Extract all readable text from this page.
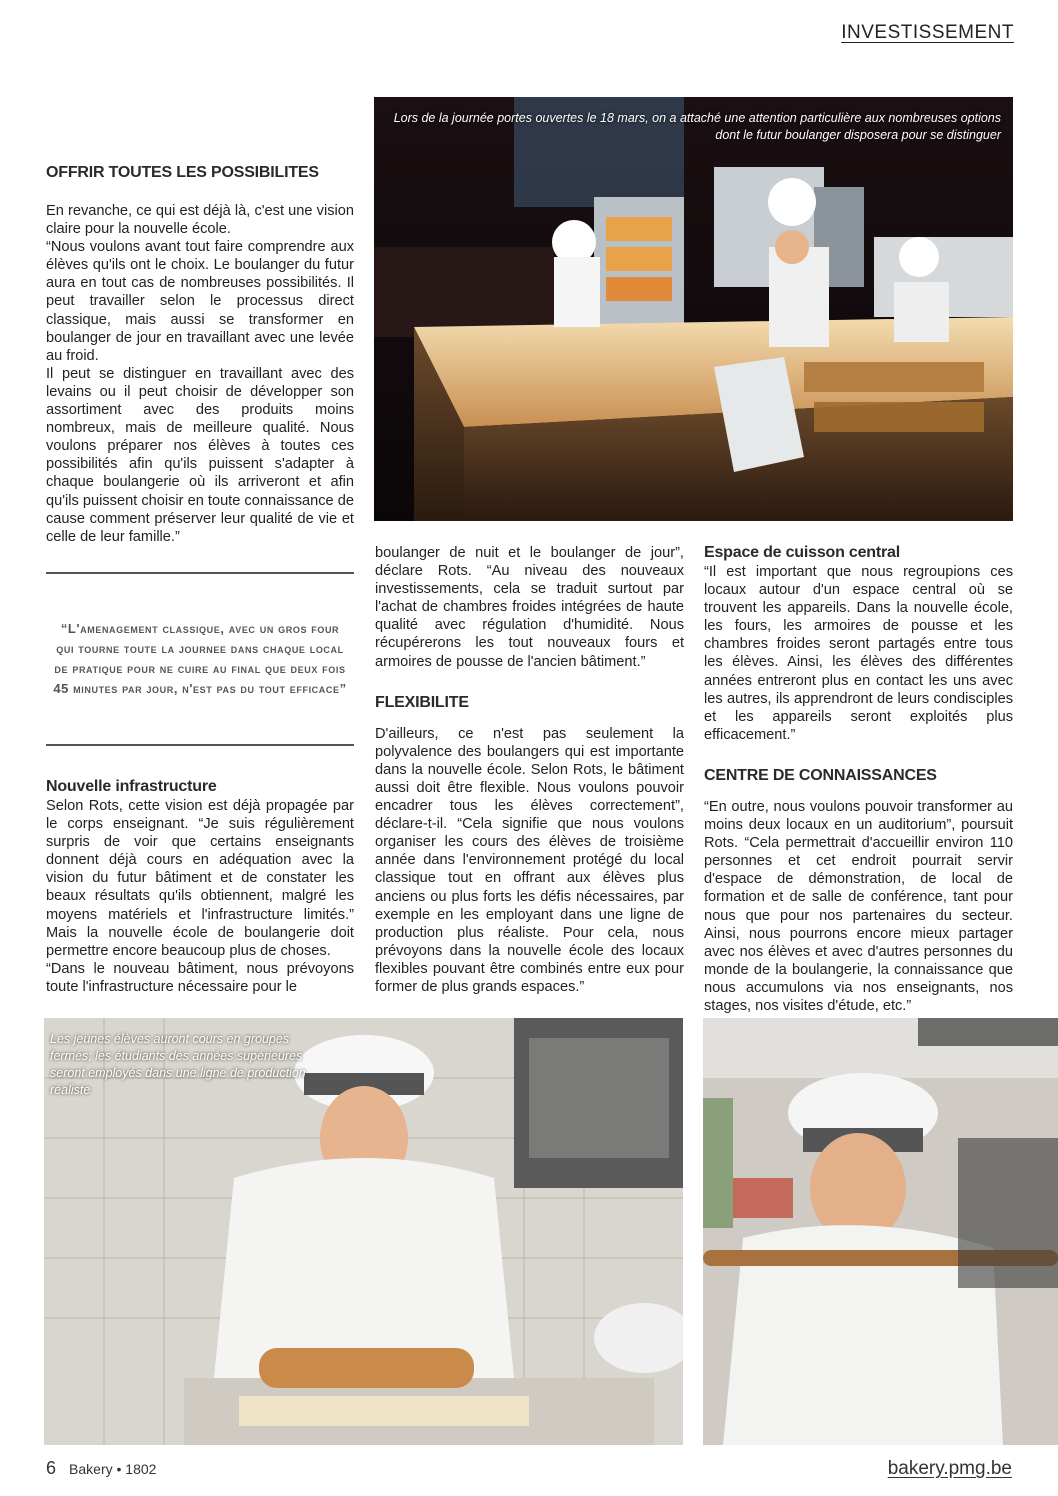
INVESTISSEMENT
Lors de la journée portes ouvertes le 18 mars, on a attaché une attention particulière aux nombreuses options dont le futur boulanger disposera pour se distinguer
OFFRIR TOUTES LES POSSIBILITES

En revanche, ce qui est déjà là, c'est une vision claire pour la nouvelle école.

“Nous voulons avant tout faire comprendre aux élèves qu'ils ont le choix. Le boulanger du futur aura en tout cas de nombreuses possibilités. Il peut travailler selon le processus direct classique, mais aussi se transformer en boulanger de jour en travaillant avec une levée au froid.

Il peut se distinguer en travaillant avec des levains ou il peut choisir de développer son assortiment avec des produits moins nombreux, mais de meilleure qualité. Nous voulons préparer nos élèves à toutes ces possibilités afin qu'ils puissent s'adapter à chaque boulangerie où ils arriveront et afin qu'ils puissent choisir en toute connaissance de cause comment préserver leur qualité de vie et celle de leur famille.”

“L'amenagement classique, avec un gros four qui tourne toute la journee dans chaque local de pratique pour ne cuire au final que deux fois 45 minutes par jour, n'est pas du tout efficace”

Nouvelle infrastructure

Selon Rots, cette vision est déjà propagée par le corps enseignant. “Je suis régulièrement surpris de voir que certains enseignants donnent déjà cours en adéquation avec la vision du futur bâtiment et de constater les beaux résultats qu'ils obtiennent, malgré les moyens matériels et l'infrastructure limités.” Mais la nouvelle école de boulangerie doit permettre encore beaucoup plus de choses.

“Dans le nouveau bâtiment, nous prévoyons toute l'infrastructure nécessaire pour le

boulanger de nuit et le boulanger de jour”, déclare Rots. “Au niveau des nouveaux investissements, cela se traduit surtout par l'achat de chambres froides intégrées de haute qualité avec régulation d'humidité. Nous récupérerons les tout nouveaux fours et armoires de pousse de l'ancien bâtiment.”

FLEXIBILITE

D'ailleurs, ce n'est pas seulement la polyvalence des boulangers qui est importante dans la nouvelle école. Selon Rots, le bâtiment aussi doit être flexible. Nous voulons pouvoir encadrer tous les élèves correctement”, déclare-t-il. “Cela signifie que nous voulons organiser les cours des élèves de troisième année dans l'environnement protégé du local classique tout en offrant aux élèves plus anciens ou plus forts les défis nécessaires, par exemple en les employant dans une ligne de production plus réaliste. Pour cela, nous prévoyons dans la nouvelle école des locaux flexibles pouvant être combinés entre eux pour former de plus grands espaces.”

Espace de cuisson central

“Il est important que nous regroupions ces locaux autour d'un espace central où se trouvent les appareils. Dans la nouvelle école, les fours, les armoires de pousse et les chambres froides seront partagés entre tous les élèves. Ainsi, les élèves des différentes années entreront plus en contact les uns avec les autres, ils apprendront de leurs condisciples et les appareils seront exploités plus efficacement.”

CENTRE DE CONNAISSANCES

“En outre, nous voulons pouvoir transformer au moins deux locaux en un auditorium”, poursuit Rots. “Cela permettrait d'accueillir environ 110 personnes et cet endroit pourrait servir d'espace de démonstration, de local de formation et de salle de conférence, tant pour nous que pour nos partenaires du secteur. Ainsi, nous pourrons encore mieux partager avec nos élèves et avec d'autres personnes du monde de la boulangerie, la connaissance que nous accumulons via nos enseignants, nos stages, nos visites d'étude, etc.”

Les jeunes élèves auront cours en groupes fermés; les étudiants des années supérieures seront employés dans une ligne de production réaliste
6 Bakery • 1802	bakery.pmg.be
